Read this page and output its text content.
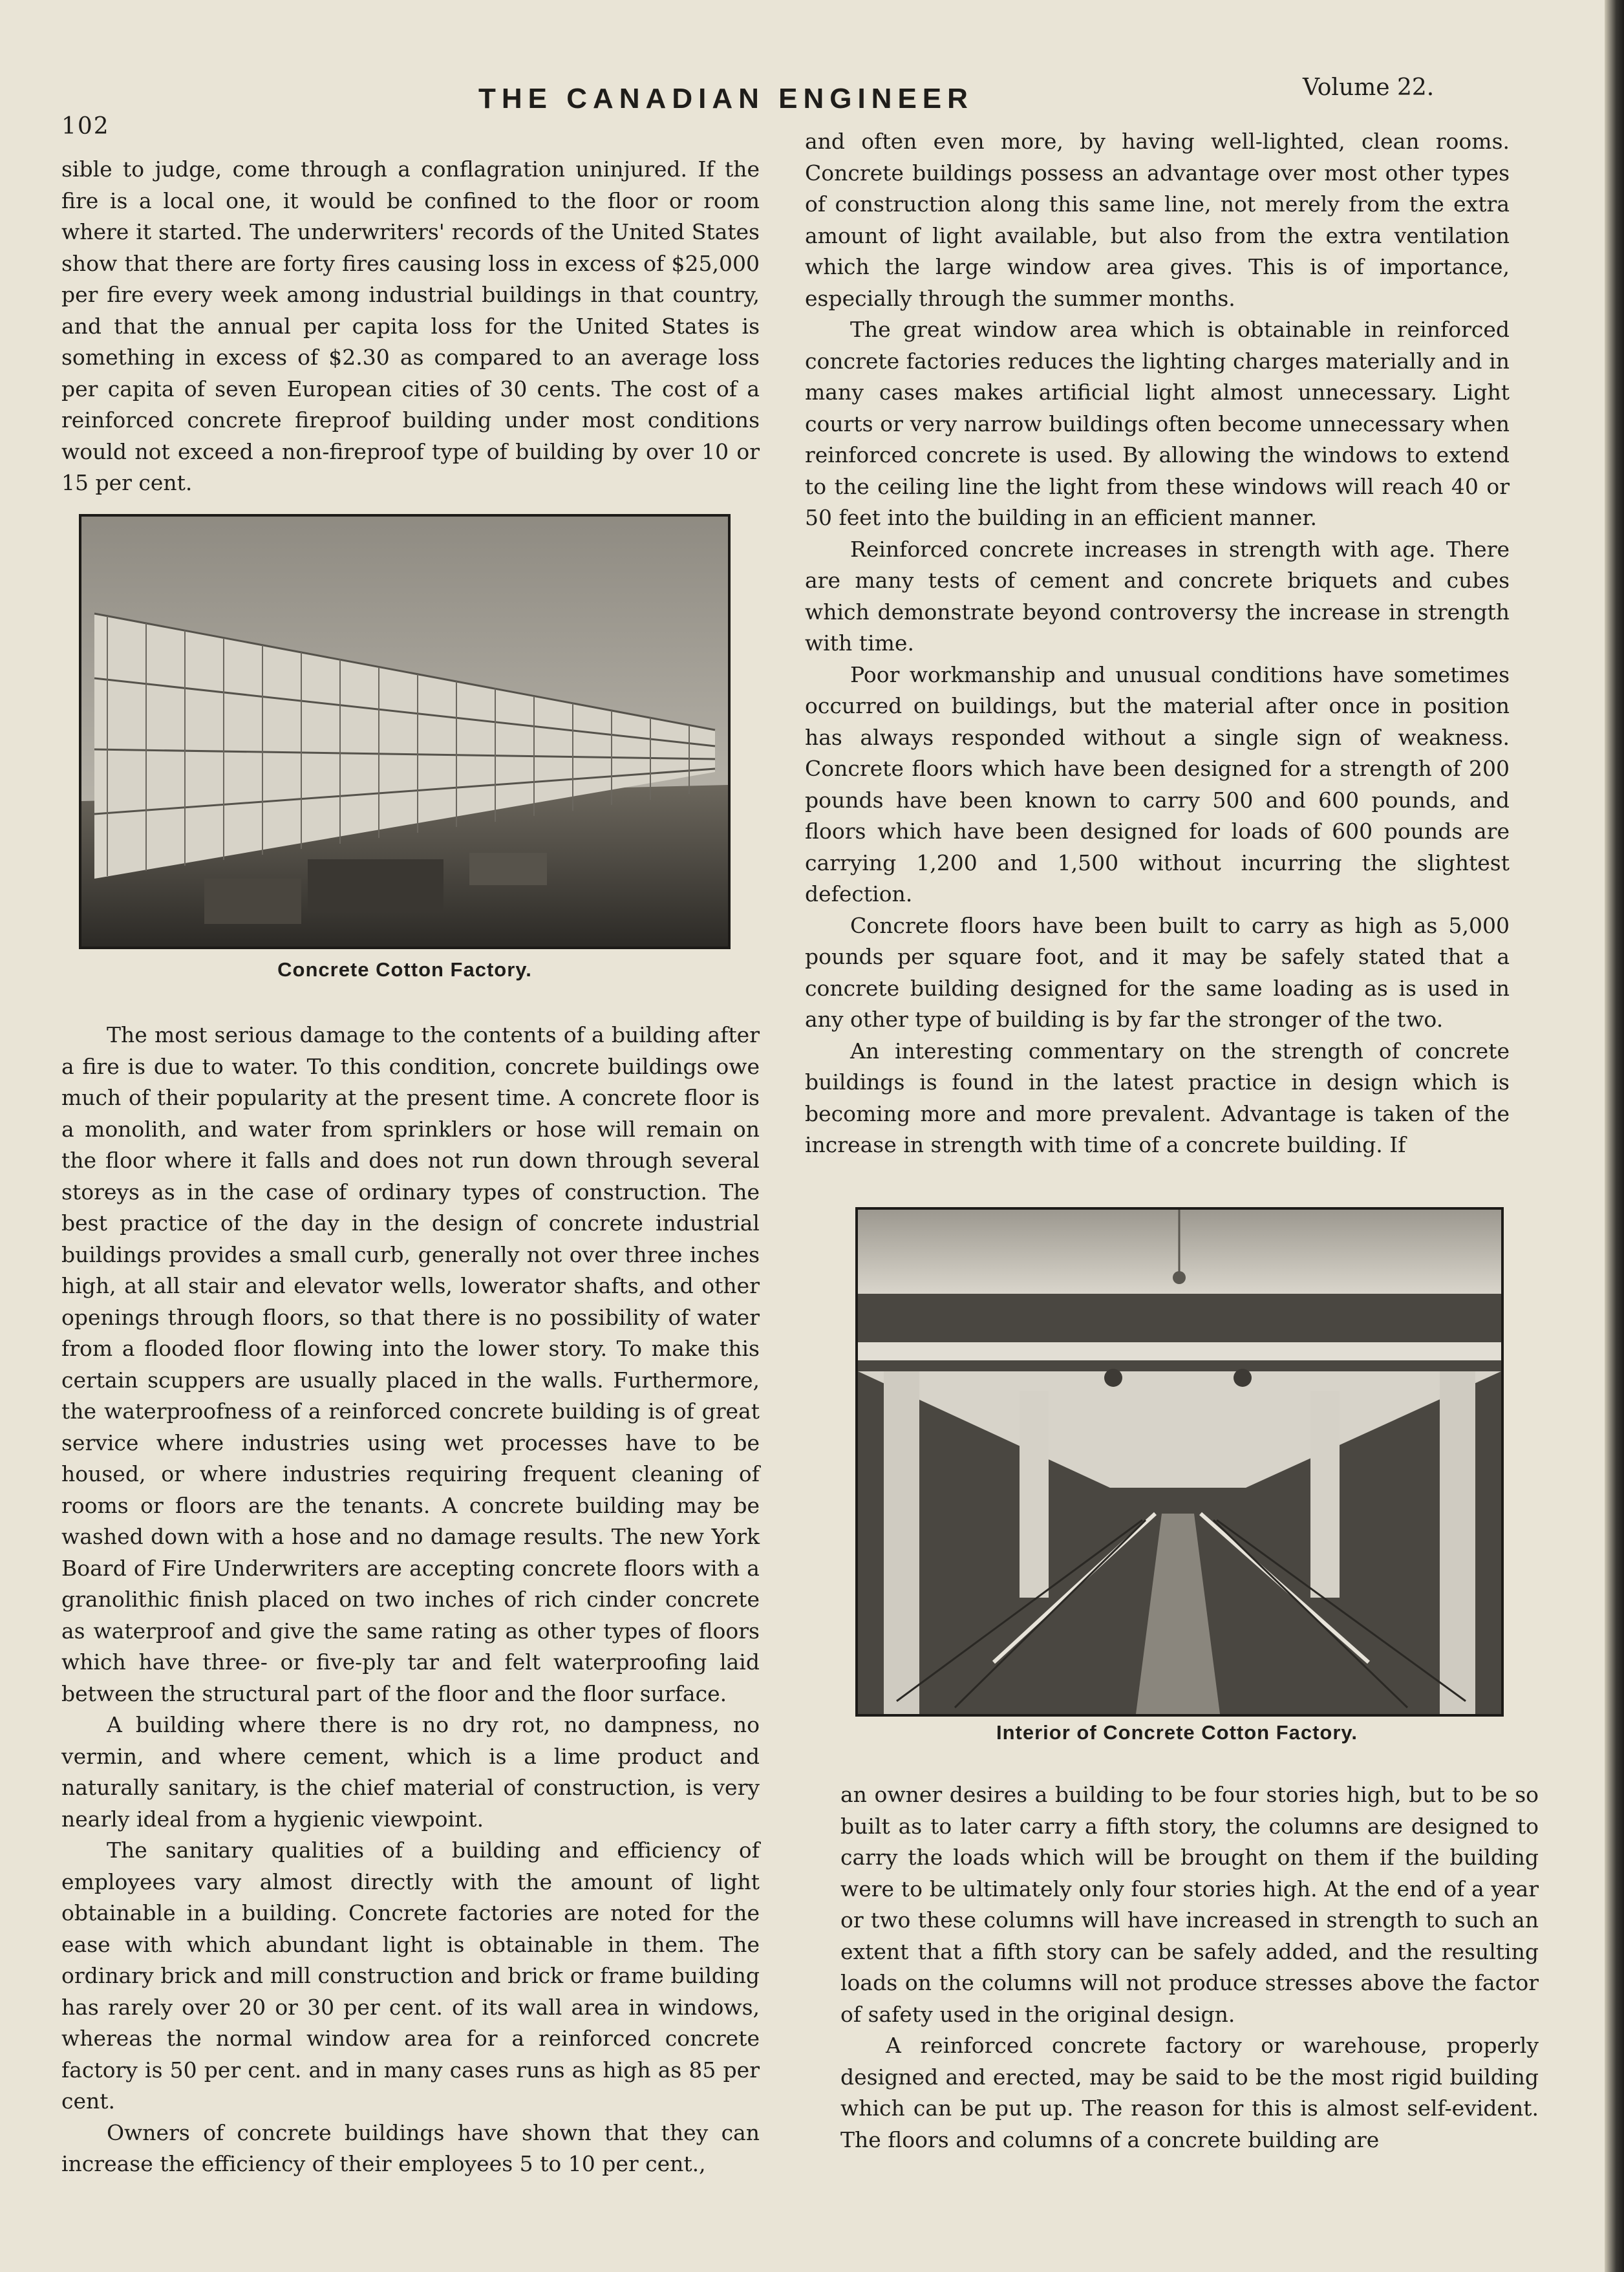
102
THE CANADIAN ENGINEER	Volume 22.

sible to judge, come through a conflagration uninjured. If the fire is a local one, it would be confined to the floor or room where it started. The underwriters' records of the United States show that there are forty fires causing loss in excess of $25,000 per fire every week among industrial buildings in that country, and that the annual per capita loss for the United States is something in excess of $2.30 as compared to an average loss per capita of seven European cities of 30 cents. The cost of a reinforced concrete fireproof building under most conditions would not exceed a non-fireproof type of building by over 10 or 15 per cent.

Concrete Cotton Factory.

The most serious damage to the contents of a building after a fire is due to water. To this condition, concrete buildings owe much of their popularity at the present time. A concrete floor is a monolith, and water from sprinklers or hose will remain on the floor where it falls and does not run down through several storeys as in the case of ordinary types of construction. The best practice of the day in the design of concrete industrial buildings provides a small curb, generally not over three inches high, at all stair and elevator wells, lowerator shafts, and other openings through floors, so that there is no possibility of water from a flooded floor flowing into the lower story. To make this certain scuppers are usually placed in the walls. Furthermore, the waterproofness of a reinforced concrete building is of great service where industries using wet processes have to be housed, or where industries requiring frequent cleaning of rooms or floors are the tenants. A concrete building may be washed down with a hose and no damage results. The new York Board of Fire Underwriters are accepting concrete floors with a granolithic finish placed on two inches of rich cinder concrete as waterproof and give the same rating as other types of floors which have three- or five-ply tar and felt waterproofing laid between the structural part of the floor and the floor surface.

A building where there is no dry rot, no dampness, no vermin, and where cement, which is a lime product and naturally sanitary, is the chief material of construction, is very nearly ideal from a hygienic viewpoint.

The sanitary qualities of a building and efficiency of employees vary almost directly with the amount of light obtainable in a building. Concrete factories are noted for the ease with which abundant light is obtainable in them. The ordinary brick and mill construction and brick or frame building has rarely over 20 or 30 per cent. of its wall area in windows, whereas the normal window area for a reinforced concrete factory is 50 per cent. and in many cases runs as high as 85 per cent.

Owners of concrete buildings have shown that they can increase the efficiency of their employees 5 to 10 per cent.,

and often even more, by having well-lighted, clean rooms. Concrete buildings possess an advantage over most other types of construction along this same line, not merely from the extra amount of light available, but also from the extra ventilation which the large window area gives. This is of importance, especially through the summer months.

The great window area which is obtainable in reinforced concrete factories reduces the lighting charges materially and in many cases makes artificial light almost unnecessary. Light courts or very narrow buildings often become unnecessary when reinforced concrete is used. By allowing the windows to extend to the ceiling line the light from these windows will reach 40 or 50 feet into the building in an efficient manner.

Reinforced concrete increases in strength with age. There are many tests of cement and concrete briquets and cubes which demonstrate beyond controversy the increase in strength with time.

Poor workmanship and unusual conditions have sometimes occurred on buildings, but the material after once in position has always responded without a single sign of weakness. Concrete floors which have been designed for a strength of 200 pounds have been known to carry 500 and 600 pounds, and floors which have been designed for loads of 600 pounds are carrying 1,200 and 1,500 without incurring the slightest defection.

Concrete floors have been built to carry as high as 5,000 pounds per square foot, and it may be safely stated that a concrete building designed for the same loading as is used in any other type of building is by far the stronger of the two.

An interesting commentary on the strength of concrete buildings is found in the latest practice in design which is becoming more and more prevalent. Advantage is taken of the increase in strength with time of a concrete building. If

Interior of Concrete Cotton Factory.

an owner desires a building to be four stories high, but to be so built as to later carry a fifth story, the columns are designed to carry the loads which will be brought on them if the building were to be ultimately only four stories high. At the end of a year or two these columns will have increased in strength to such an extent that a fifth story can be safely added, and the resulting loads on the columns will not produce stresses above the factor of safety used in the original design.

A reinforced concrete factory or warehouse, properly designed and erected, may be said to be the most rigid building which can be put up. The reason for this is almost self-evident. The floors and columns of a concrete building are
